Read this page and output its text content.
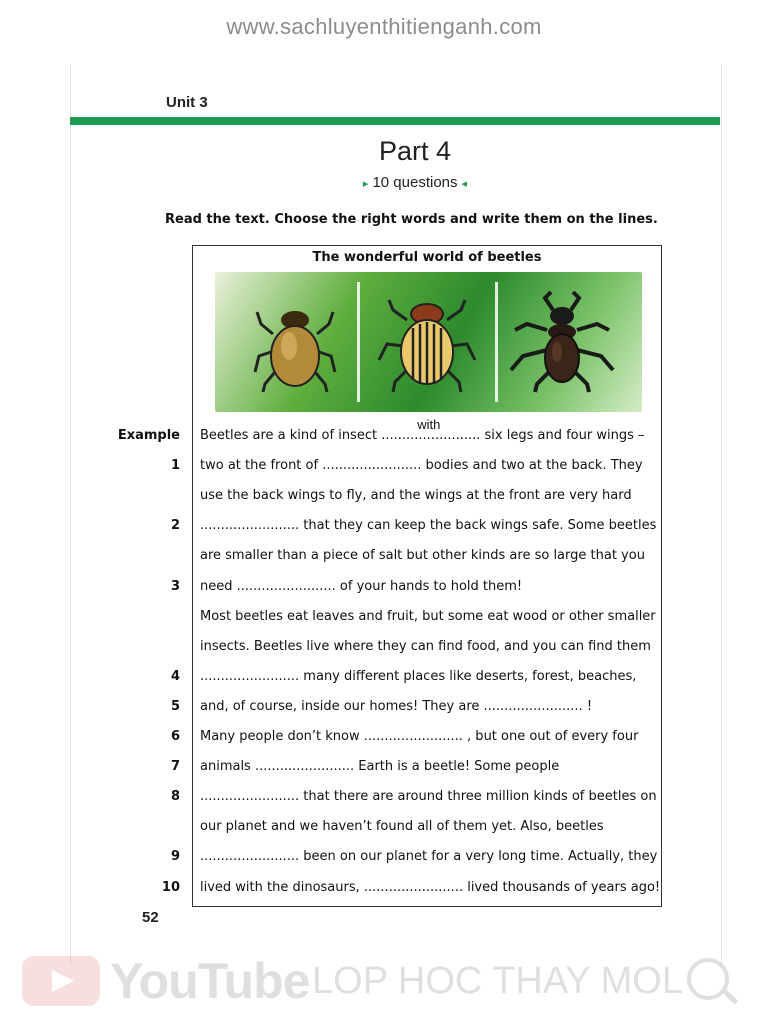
www.sachluyenthitienganh.com
Unit 3
Part 4
▸ 10 questions ◂
Read the text. Choose the right words and write them on the lines.
The wonderful world of beetles
Example Beetles are a kind of insect ........................
with
six legs and four wings –
1 two at the front of ........................ bodies and two at the back. They
use the back wings to fly, and the wings at the front are very hard
2 ........................ that they can keep the back wings safe. Some beetles
are smaller than a piece of salt but other kinds are so large that you
3 need ........................ of your hands to hold them!
Most beetles eat leaves and fruit, but some eat wood or other smaller
insects. Beetles live where they can find food, and you can find them
4 ........................ many different places like deserts, forest, beaches,
5 and, of course, inside our homes! They are ........................ !
6 Many people don’t know ........................ , but one out of every four
7 animals ........................ Earth is a beetle! Some people
8 ........................ that there are around three million kinds of beetles on
our planet and we haven’t found all of them yet. Also, beetles
9 ........................ been on our planet for a very long time. Actually, they
10 lived with the dinosaurs, ........................ lived thousands of years ago!
52
YouTube LOP HOC THAY MOL
